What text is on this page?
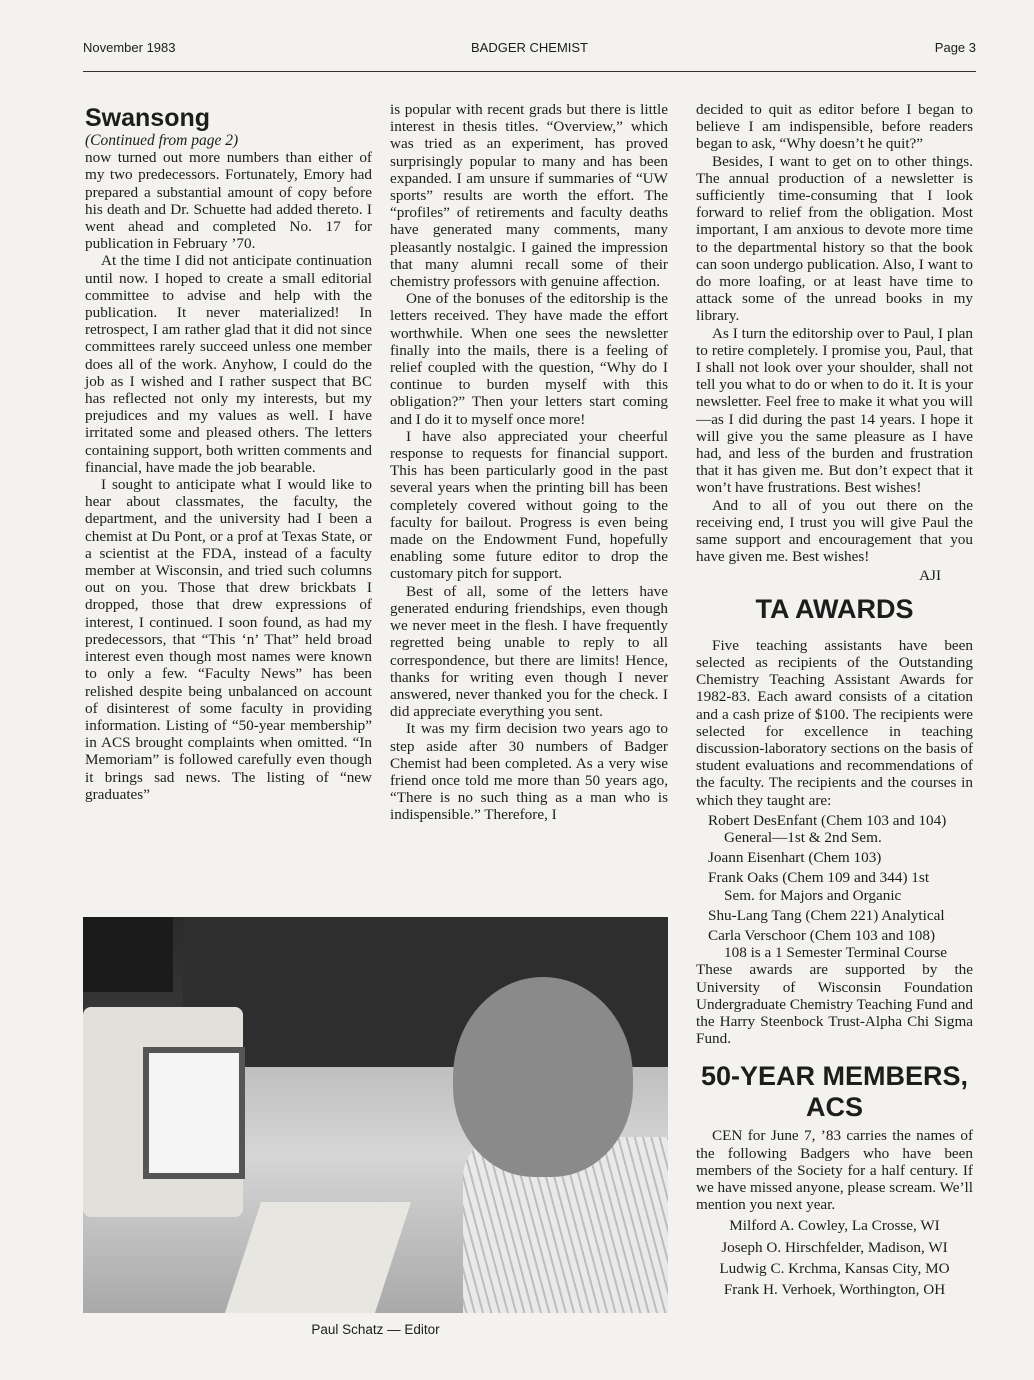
November 1983	BADGER CHEMIST	Page 3
Swansong

(Continued from page 2)

now turned out more numbers than either of my two predecessors. Fortunately, Emory had prepared a substantial amount of copy before his death and Dr. Schuette had added thereto. I went ahead and completed No. 17 for publication in February ’70.

At the time I did not anticipate continuation until now. I hoped to create a small editorial committee to advise and help with the publication. It never materialized! In retrospect, I am rather glad that it did not since committees rarely succeed unless one member does all of the work. Anyhow, I could do the job as I wished and I rather suspect that BC has reflected not only my interests, but my prejudices and my values as well. I have irritated some and pleased others. The letters containing support, both written comments and financial, have made the job bearable.

I sought to anticipate what I would like to hear about classmates, the faculty, the department, and the university had I been a chemist at Du Pont, or a prof at Texas State, or a scientist at the FDA, instead of a faculty member at Wisconsin, and tried such columns out on you. Those that drew brickbats I dropped, those that drew expressions of interest, I continued. I soon found, as had my predecessors, that “This ‘n’ That” held broad interest even though most names were known to only a few. “Faculty News” has been relished despite being unbalanced on account of disinterest of some faculty in providing information. Listing of “50-year membership” in ACS brought complaints when omitted. “In Memoriam” is followed carefully even though it brings sad news. The listing of “new graduates”

is popular with recent grads but there is little interest in thesis titles. “Overview,” which was tried as an experiment, has proved surprisingly popular to many and has been expanded. I am unsure if summaries of “UW sports” results are worth the effort. The “profiles” of retirements and faculty deaths have generated many comments, many pleasantly nostalgic. I gained the impression that many alumni recall some of their chemistry professors with genuine affection.

One of the bonuses of the editorship is the letters received. They have made the effort worthwhile. When one sees the newsletter finally into the mails, there is a feeling of relief coupled with the question, “Why do I continue to burden myself with this obligation?” Then your letters start coming and I do it to myself once more!

I have also appreciated your cheerful response to requests for financial support. This has been particularly good in the past several years when the printing bill has been completely covered without going to the faculty for bailout. Progress is even being made on the Endowment Fund, hopefully enabling some future editor to drop the customary pitch for support.

Best of all, some of the letters have generated enduring friendships, even though we never meet in the flesh. I have frequently regretted being unable to reply to all correspondence, but there are limits! Hence, thanks for writing even though I never answered, never thanked you for the check. I did appreciate everything you sent.

It was my firm decision two years ago to step aside after 30 numbers of Badger Chemist had been completed. As a very wise friend once told me more than 50 years ago, “There is no such thing as a man who is indispensible.” Therefore, I

decided to quit as editor before I began to believe I am indispensible, before readers began to ask, “Why doesn’t he quit?”

Besides, I want to get on to other things. The annual production of a newsletter is sufficiently time-consuming that I look forward to relief from the obligation. Most important, I am anxious to devote more time to the departmental history so that the book can soon undergo publication. Also, I want to do more loafing, or at least have time to attack some of the unread books in my library.

As I turn the editorship over to Paul, I plan to retire completely. I promise you, Paul, that I shall not look over your shoulder, shall not tell you what to do or when to do it. It is your newsletter. Feel free to make it what you will—as I did during the past 14 years. I hope it will give you the same pleasure as I have had, and less of the burden and frustration that it has given me. But don’t expect that it won’t have frustrations. Best wishes!

And to all of you out there on the receiving end, I trust you will give Paul the same support and encouragement that you have given me. Best wishes!

AJI

TA AWARDS

Five teaching assistants have been selected as recipients of the Outstanding Chemistry Teaching Assistant Awards for 1982-83. Each award consists of a citation and a cash prize of $100. The recipients were selected for excellence in teaching discussion-laboratory sections on the basis of student evaluations and recommendations of the faculty. The recipients and the courses in which they taught are:

Robert DesEnfant (Chem 103 and 104)
General—1st & 2nd Sem.

Joann Eisenhart (Chem 103)

Frank Oaks (Chem 109 and 344) 1st
Sem. for Majors and Organic

Shu-Lang Tang (Chem 221) Analytical

Carla Verschoor (Chem 103 and 108)
108 is a 1 Semester Terminal Course

These awards are supported by the University of Wisconsin Foundation Undergraduate Chemistry Teaching Fund and the Harry Steenbock Trust-Alpha Chi Sigma Fund.

50-YEAR MEMBERS, ACS

CEN for June 7, ’83 carries the names of the following Badgers who have been members of the Society for a half century. If we have missed anyone, please scream. We’ll mention you next year.

Milford A. Cowley, La Crosse, WI

Joseph O. Hirschfelder, Madison, WI

Ludwig C. Krchma, Kansas City, MO

Frank H. Verhoek, Worthington, OH

Paul Schatz — Editor
